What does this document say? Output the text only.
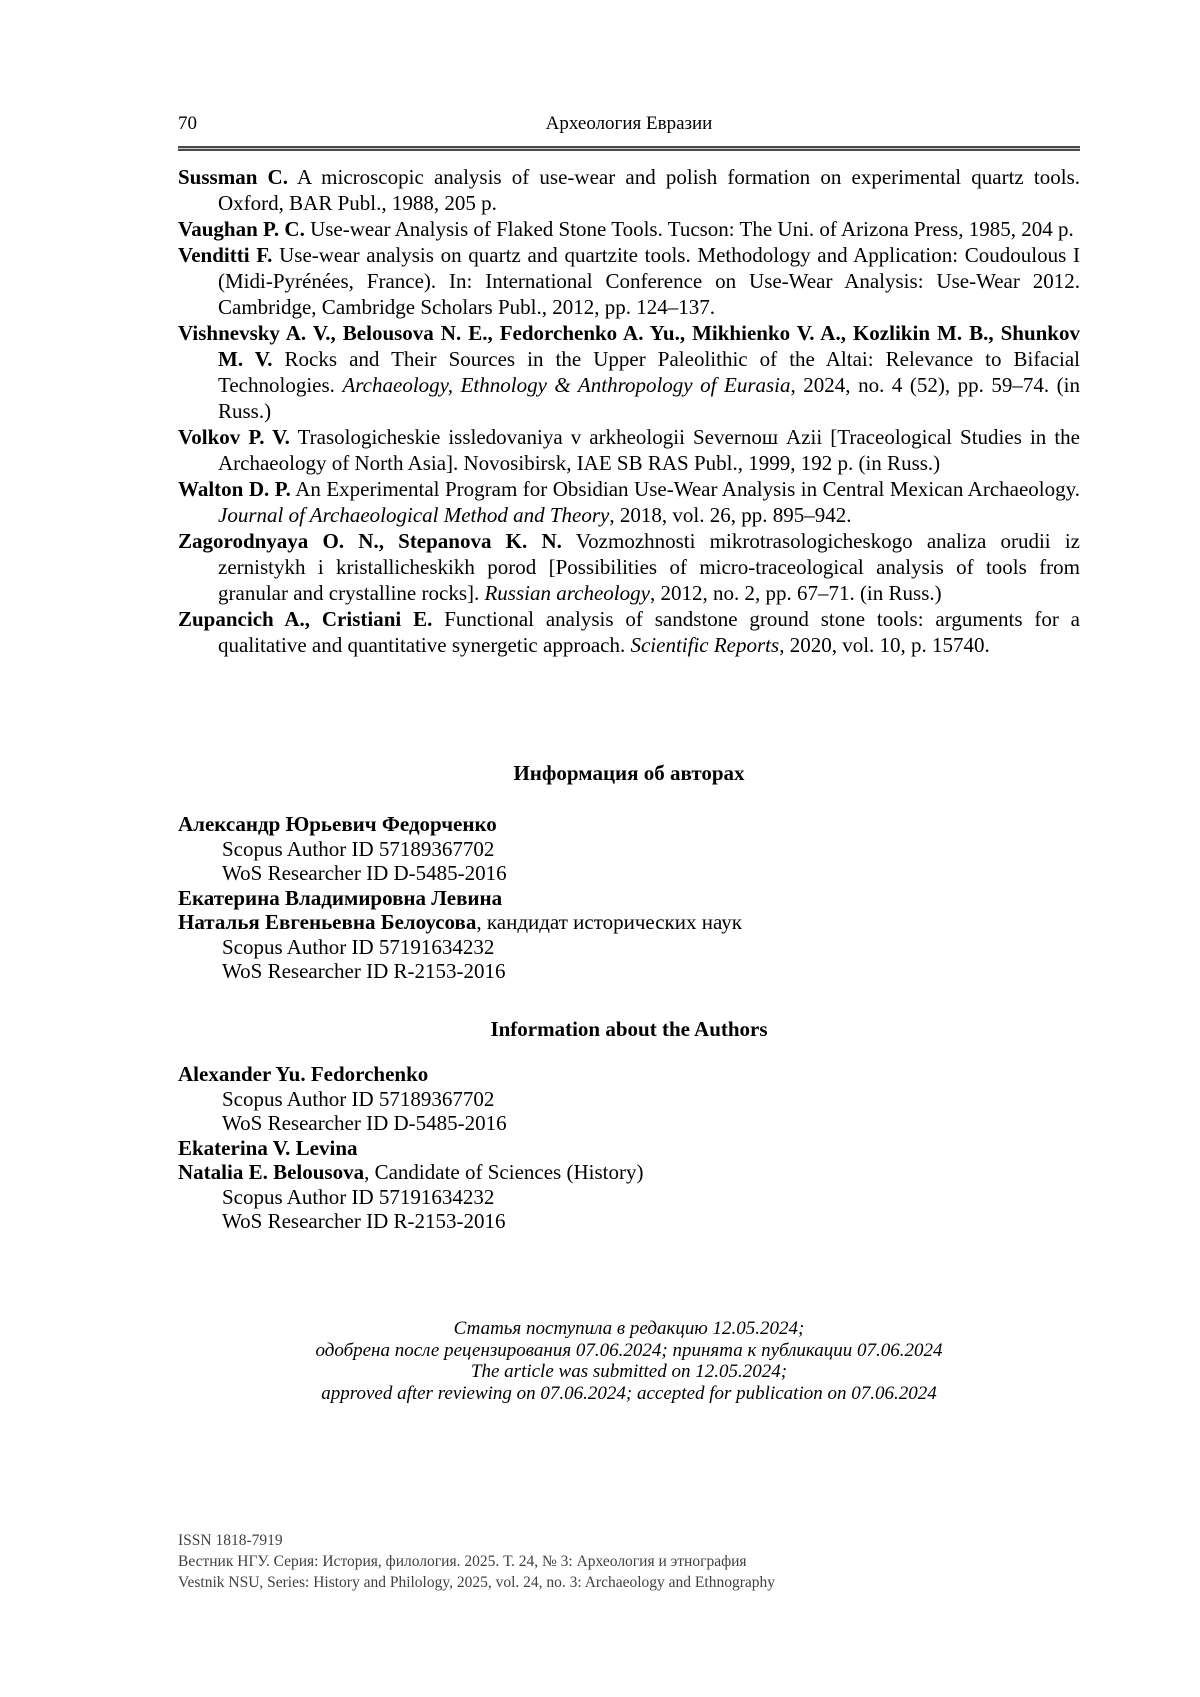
70	Археология Евразии
Sussman C. A microscopic analysis of use-wear and polish formation on experimental quartz tools. Oxford, BAR Publ., 1988, 205 p.
Vaughan P. C. Use-wear Analysis of Flaked Stone Tools. Tucson: The Uni. of Arizona Press, 1985, 204 p.
Venditti F. Use-wear analysis on quartz and quartzite tools. Methodology and Application: Coudoulous I (Midi-Pyrénées, France). In: International Conference on Use-Wear Analysis: Use-Wear 2012. Cambridge, Cambridge Scholars Publ., 2012, pp. 124–137.
Vishnevsky A. V., Belousova N. E., Fedorchenko A. Yu., Mikhienko V. A., Kozlikin M. B., Shunkov M. V. Rocks and Their Sources in the Upper Paleolithic of the Altai: Relevance to Bifacial Technologies. Archaeology, Ethnology & Anthropology of Eurasia, 2024, no. 4 (52), pp. 59–74. (in Russ.)
Volkov P. V. Trasologicheskie issledovaniya v arkheologii Severnoш Azii [Traceological Studies in the Archaeology of North Asia]. Novosibirsk, IAE SB RAS Publ., 1999, 192 p. (in Russ.)
Walton D. P. An Experimental Program for Obsidian Use-Wear Analysis in Central Mexican Archaeology. Journal of Archaeological Method and Theory, 2018, vol. 26, pp. 895–942.
Zagorodnyaya O. N., Stepanova K. N. Vozmozhnosti mikrotrasologicheskogo analiza orudii iz zernistykh i kristallicheskikh porod [Possibilities of micro-traceological analysis of tools from granular and crystalline rocks]. Russian archeology, 2012, no. 2, pp. 67–71. (in Russ.)
Zupancich A., Cristiani E. Functional analysis of sandstone ground stone tools: arguments for a qualitative and quantitative synergetic approach. Scientific Reports, 2020, vol. 10, p. 15740.
Информация об авторах
Александр Юрьевич Федорченко
Scopus Author ID 57189367702
WoS Researcher ID D-5485-2016
Екатерина Владимировна Левина
Наталья Евгеньевна Белоусова, кандидат исторических наук
Scopus Author ID 57191634232
WoS Researcher ID R-2153-2016
Information about the Authors
Alexander Yu. Fedorchenko
Scopus Author ID 57189367702
WoS Researcher ID D-5485-2016
Ekaterina V. Levina
Natalia E. Belousova, Candidate of Sciences (History)
Scopus Author ID 57191634232
WoS Researcher ID R-2153-2016
Статья поступила в редакцию 12.05.2024;
одобрена после рецензирования 07.06.2024; принята к публикации 07.06.2024
The article was submitted on 12.05.2024;
approved after reviewing on 07.06.2024; accepted for publication on 07.06.2024
ISSN 1818-7919
Вестник НГУ. Серия: История, филология. 2025. Т. 24, № 3: Археология и этнография
Vestnik NSU, Series: History and Philology, 2025, vol. 24, no. 3: Archaeology and Ethnography
